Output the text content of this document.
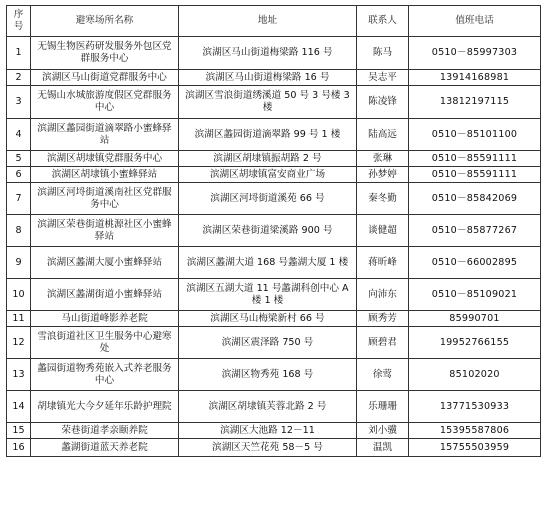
序
号	避寒场所名称	地址	联系人	值班电话
1	无锡生物医药研发服务外包区党群服务中心	滨湖区马山街道梅梁路 116 号	陈马	0510－85997303
2	滨湖区马山街道党群服务中心	滨湖区马山街道梅梁路 16 号	吴志平	13914168981
3	无锡山水城旅游度假区党群服务中心	滨湖区雪浪街道绣溪道 50 号 3 号楼 3 楼	陈凌锋	13812197115
4	滨湖区蠡园街道滴翠路小蜜蜂驿站	滨湖区蠡园街道滴翠路 99 号 1 楼	陆高远	0510－85101100
5	滨湖区胡埭镇党群服务中心	滨湖区胡埭镇振胡路 2 号	张琳	0510－85591111
6	滨湖区胡埭镇小蜜蜂驿站	滨湖区胡埭镇富安商业广场	孙梦婷	0510－85591111
7	滨湖区河埒街道溪南社区党群服务中心	滨湖区河埒街道溪苑 66 号	秦冬勤	0510－85842069
8	滨湖区荣巷街道桃源社区小蜜蜂驿站	滨湖区荣巷街道梁溪路 900 号	谈健超	0510－85877267
9	滨湖区蠡湖大厦小蜜蜂驿站	滨湖区蠡湖大道 168 号蠡湖大厦 1 楼	蒋昕峰	0510－66002895
10	滨湖区蠡湖街道小蜜蜂驿站	滨湖区五湖大道 11 号蠡湖科创中心 A 楼 1 楼	向沛东	0510－85109021
11	马山街道峰影养老院	滨湖区马山梅梁新村 66 号	顾秀芳	85990701
12	雪浪街道社区卫生服务中心避寒处	滨湖区震泽路 750 号	顾碧君	19952766155
13	蠡园街道物秀苑嵌入式养老服务中心	滨湖区物秀苑 168 号	徐莺	85102020
14	胡埭镇光大今夕延年乐龄护理院	滨湖区胡埭镇芙蓉北路 2 号	乐珊珊	13771530933
15	荣巷街道孝亲颐养院	滨湖区大池路 12－11	刘小骥	15395587806
16	蠡湖街道蓝天养老院	滨湖区天竺花苑 58－5 号	温凯	15755503959
